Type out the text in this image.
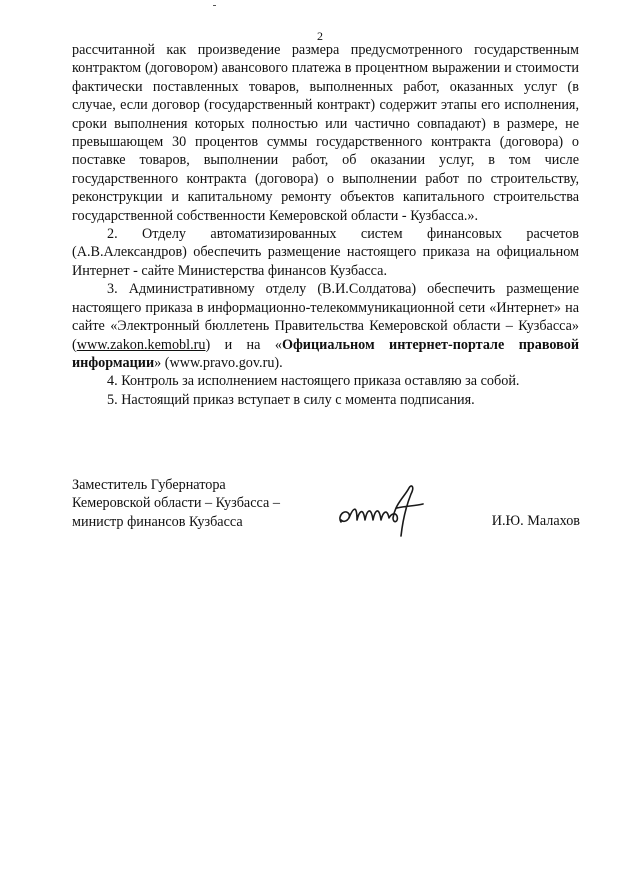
2

рассчитанной как произведение размера предусмотренного государственным контрактом (договором) авансового платежа в процентном выражении и стоимости фактически поставленных товаров, выполненных работ, оказанных услуг (в случае, если договор (государственный контракт) содержит этапы его исполнения, сроки выполнения которых полностью или частично совпадают) в размере, не превышающем 30 процентов суммы государственного контракта (договора) о поставке товаров, выполнении работ, об оказании услуг, в том числе государственного контракта (договора) о выполнении работ по строительству, реконструкции и капитальному ремонту объектов капитального строительства государственной собственности Кемеровской области - Кузбасса.».

2. Отделу автоматизированных систем финансовых расчетов (А.В.Александров) обеспечить размещение настоящего приказа на официальном Интернет - сайте Министерства финансов Кузбасса.

3. Административному отделу (В.И.Солдатова) обеспечить размещение настоящего приказа в информационно-телекоммуникационной сети «Интернет» на сайте «Электронный бюллетень Правительства Кемеровской области – Кузбасса» (www.zakon.kemobl.ru) и на «Официальном интернет-портале правовой информации» (www.pravo.gov.ru).

4. Контроль за исполнением настоящего приказа оставляю за собой.

5. Настоящий приказ вступает в силу с момента подписания.

Заместитель Губернатора
Кемеровской области – Кузбасса –
министр финансов Кузбасса	И.Ю. Малахов
